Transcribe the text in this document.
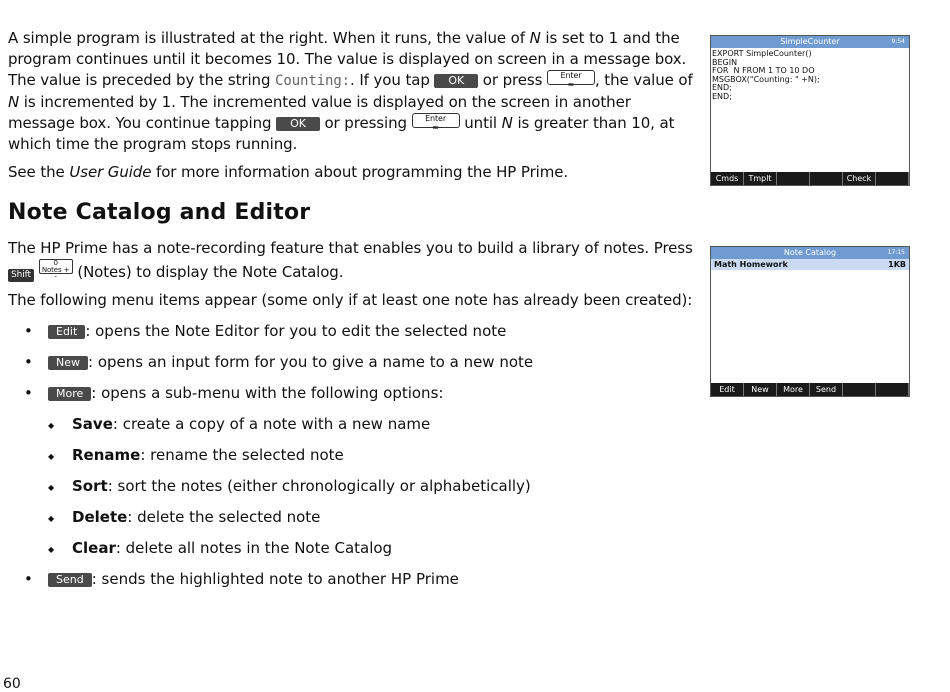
A simple program is illustrated at the right. When it runs, the value of N is set to 1 and the program continues until it becomes 10. The value is displayed on screen in a message box. The value is preceded by the string Counting:. If you tap OK or press	Enter
≈	, the value of N is incremented by 1. The incremented value is displayed on the screen in another message box. You continue tapping OK or pressing	Enter
≈	until N is greater than 10, at which time the program stops running.
See the User Guide for more information about programming the HP Prime.
Note Catalog and Editor
The HP Prime has a note-recording feature that enables you to build a library of notes. Press
Shift 0
Notes + - (Notes) to display the Note Catalog.
The following menu items appear (some only if at least one note has already been created):
• Edit : opens the Note Editor for you to edit the selected note
• New : opens an input form for you to give a name to a new note
• More : opens a sub-menu with the following options:
◆ Save: create a copy of a note with a new name
◆ Rename: rename the selected note
◆ Sort: sort the notes (either chronologically or alphabetically)
◆ Delete: delete the selected note
◆ Clear: delete all notes in the Note Catalog
• Send : sends the highlighted note to another HP Prime
60
SimpleCounter	9:54
EXPORT SimpleCounter()
BEGIN
FOR  N FROM 1 TO 10 DO
MSGBOX("Counting: " +N);
END;
END;
Cmds	Tmplt	Check
Note Catalog	17:15
Math Homework	1KB
Edit	New	More	Send
